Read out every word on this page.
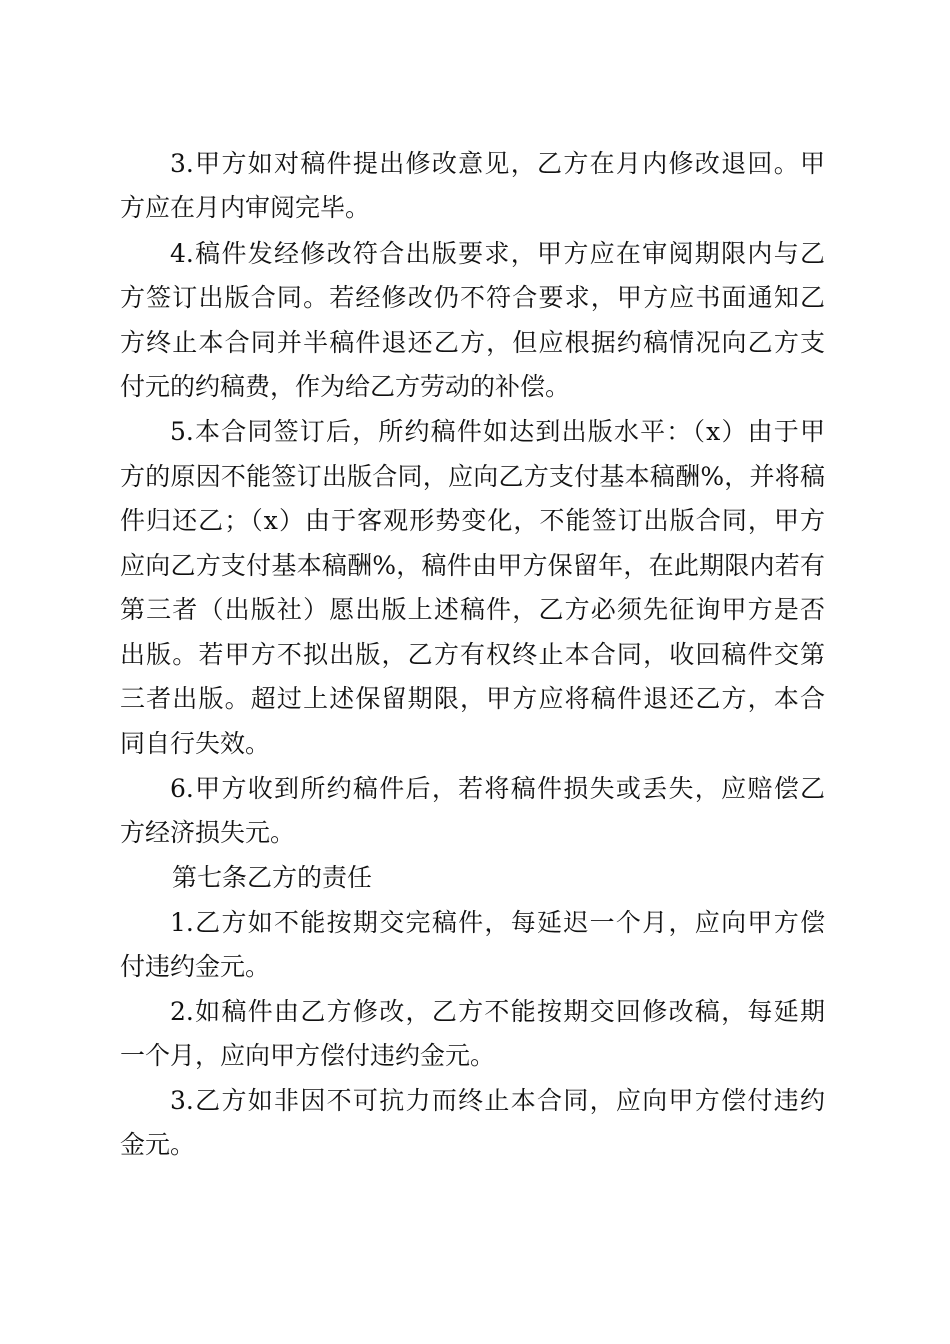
3.甲方如对稿件提出修改意见，乙方在月内修改退回。甲
方应在月内审阅完毕。
4.稿件发经修改符合出版要求，甲方应在审阅期限内与乙
方签订出版合同。若经修改仍不符合要求，甲方应书面通知乙
方终止本合同并半稿件退还乙方，但应根据约稿情况向乙方支
付元的约稿费，作为给乙方劳动的补偿。
5.本合同签订后，所约稿件如达到出版水平：（x）由于甲
方的原因不能签订出版合同，应向乙方支付基本稿酬%，并将稿
件归还乙；（x）由于客观形势变化，不能签订出版合同，甲方
应向乙方支付基本稿酬%，稿件由甲方保留年，在此期限内若有
第三者（出版社）愿出版上述稿件，乙方必须先征询甲方是否
出版。若甲方不拟出版，乙方有权终止本合同，收回稿件交第
三者出版。超过上述保留期限，甲方应将稿件退还乙方，本合
同自行失效。
6.甲方收到所约稿件后，若将稿件损失或丢失，应赔偿乙
方经济损失元。
第七条乙方的责任
1.乙方如不能按期交完稿件，每延迟一个月，应向甲方偿
付违约金元。
2.如稿件由乙方修改，乙方不能按期交回修改稿，每延期
一个月，应向甲方偿付违约金元。
3.乙方如非因不可抗力而终止本合同，应向甲方偿付违约
金元。
